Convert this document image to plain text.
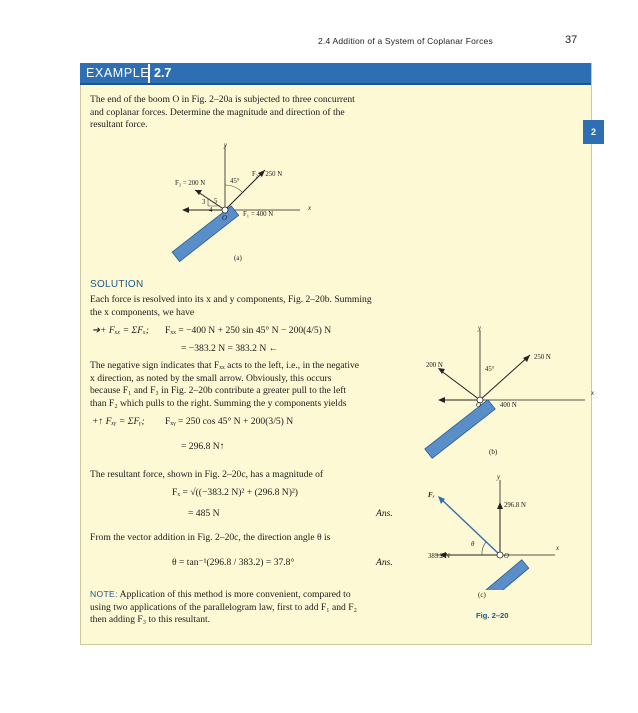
2.4 Addition of a System of Coplanar Forces	37
EXAMPLE 2.7
2
The end of the boom O in Fig. 2–20a is subjected to three concurrent
and coplanar forces. Determine the magnitude and direction of the
resultant force.
F₃ = 200 N
F₂ = 250 N
F₁ = 400 N
45°
y
x
O
3
4
5
(a)
SOLUTION
Each force is resolved into its x and y components, Fig. 2–20b. Summing
the x components, we have
➔+ Fₓₓ = ΣFₓ; Fₓₓ = −400 N + 250 sin 45° N − 200(4/5) N
= −383.2 N = 383.2 N ←
The negative sign indicates that Fₓₓ acts to the left, i.e., in the negative
x direction, as noted by the small arrow. Obviously, this occurs
because F₁ and F₃ in Fig. 2–20b contribute a greater pull to the left
than F₂ which pulls to the right. Summing the y components yields
+↑ Fₓᵧ = ΣFᵧ; Fₓᵧ = 250 cos 45° N + 200(3/5) N
= 296.8 N↑
200 N
250 N
400 N
45°
y
x
O
(b)
The resultant force, shown in Fig. 2–20c, has a magnitude of
Fₓ = √((−383.2 N)² + (296.8 N)²)
= 485 N	Ans.
From the vector addition in Fig. 2–20c, the direction angle θ is
θ = tan⁻¹(296.8 / 383.2) = 37.8°	Ans.
Fₓ
296.8 N
383.2 N
θ
y
x
O
(c)
Fig. 2–20
NOTE: Application of this method is more convenient, compared to
using two applications of the parallelogram law, first to add F₁ and F₂
then adding F₃ to this resultant.
